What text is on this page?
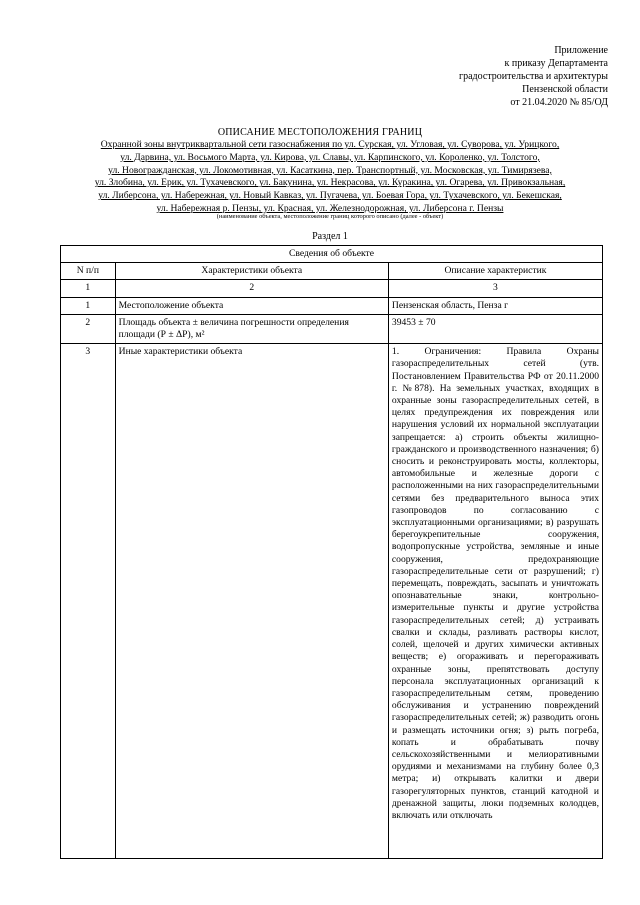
Приложение
к приказу Департамента
градостроительства и архитектуры
Пензенской области
от 21.04.2020 № 85/ОД
ОПИСАНИЕ МЕСТОПОЛОЖЕНИЯ ГРАНИЦ
Охранной зоны внутриквартальной сети газоснабжения по ул. Сурская, ул. Угловая, ул. Суворова, ул. Урицкого,
ул. Дарвина, ул. Восьмого Марта, ул. Кирова, ул. Славы, ул. Карпинского, ул. Короленко, ул. Толстого,
ул. Новогражданская, ул. Локомотивная, ул. Касаткина, пер. Транспортный, ул. Московская, ул. Тимирязева,
ул. Злобина, ул. Ерик, ул. Тухачевского, ул. Бакунина, ул. Некрасова, ул. Куракина, ул. Огарева, ул. Привокзальная,
ул. Либерсона, ул. Набережная, ул. Новый Кавказ, ул. Пугачева, ул. Боевая Гора, ул. Тухачевского, ул. Бекешская,
ул. Набережная р. Пензы, ул. Красная, ул. Железнодорожная, ул. Либерсона г. Пензы
(наименование объекта, местоположение границ которого описано (далее - объект)
Раздел 1
Сведения об объекте		
N п/п	Характеристики объекта	Описание характеристик
1	2	3
1	Местоположение объекта	Пензенская область, Пенза г
2	Площадь объекта ± величина погрешности определения площади (Р ± ΔР), м²	39453 ± 70
3	Иные характеристики объекта	1. Ограничения: Правила Охраны газораспределительных сетей (утв. Постановлением Правительства РФ от 20.11.2000 г. №878). На земельных участках, входящих в охранные зоны газораспределительных сетей, в целях предупреждения их повреждения или нарушения условий их нормальной эксплуатации запрещается: а) строить объекты жилищно-гражданского и производственного назначения; б) сносить и реконструировать мосты, коллекторы, автомобильные и железные дороги с расположенными на них газораспределительными сетями без предварительного выноса этих газопроводов по согласованию с эксплуатационными организациями; в) разрушать берегоукрепительные сооружения, водопропускные устройства, земляные и иные сооружения, предохраняющие газораспределительные сети от разрушений; г) перемещать, повреждать, засыпать и уничтожать опознавательные знаки, контрольно-измерительные пункты и другие устройства газораспределительных сетей; д) устраивать свалки и склады, разливать растворы кислот, солей, щелочей и других химически активных веществ; е) огораживать и перегораживать охранные зоны, препятствовать доступу персонала эксплуатационных организаций к газораспределительным сетям, проведению обслуживания и устранению повреждений газораспределительных сетей; ж) разводить огонь и размещать источники огня; з) рыть погреба, копать и обрабатывать почву сельскохозяйственными и мелиоративными орудиями и механизмами на глубину более 0,3 метра; и) открывать калитки и двери газорегуляторных пунктов, станций катодной и дренажной защиты, люки подземных колодцев, включать или отключать
